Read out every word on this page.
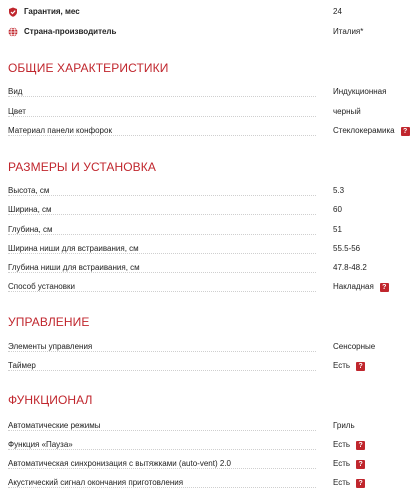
Гарантия, мес	24
Страна-производитель	Италия*
ОБЩИЕ ХАРАКТЕРИСТИКИ
Вид	Индукционная
Цвет	черный
Материал панели конфорок	Стеклокерамика	?
РАЗМЕРЫ И УСТАНОВКА
Высота, см	5.3
Ширина, см	60
Глубина, см	51
Ширина ниши для встраивания, см	55.5-56
Глубина ниши для встраивания, см	47.8-48.2
Способ установки	Накладная	?
УПРАВЛЕНИЕ
Элементы управления	Сенсорные
Таймер	Есть	?
ФУНКЦИОНАЛ
Автоматические режимы	Гриль
Функция «Пауза»	Есть	?
Автоматическая синхронизация с вытяжками (auto-vent) 2.0	Есть	?
Акустический сигнал окончания приготовления	Есть	?
